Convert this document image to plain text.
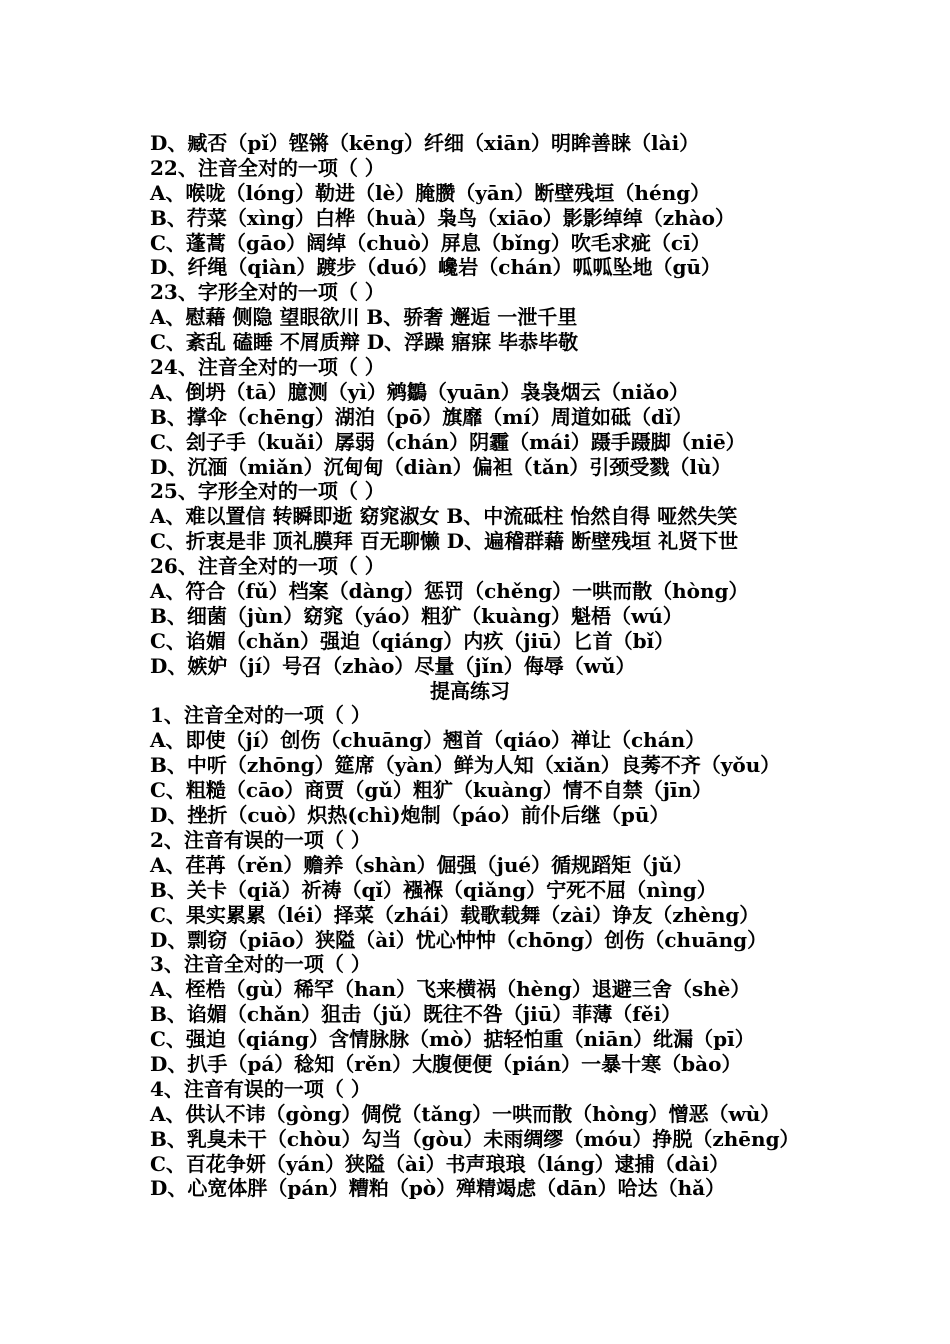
D、臧否（pǐ）铿锵（kēng）纤细（xiān）明眸善睐（lài）
22、注音全对的一项（ ）
A、喉咙（lóng）勒进（lè）腌臜（yān）断壁残垣（héng）
B、荇菜（xìng）白桦（huà）枭鸟（xiāo）影影绰绰（zhào）
C、蓬蒿（gāo）阔绰（chuò）屏息（bǐng）吹毛求疵（cī）
D、纤绳（qiàn）踱步（duó）巉岩（chán）呱呱坠地（gū）
23、字形全对的一项（ ）
A、慰藉 侧隐 望眼欲川 B、骄奢 邂逅 一泄千里
C、紊乱 磕睡 不屑质辩 D、浮躁 寤寐 毕恭毕敬
24、注音全对的一项（ ）
A、倒坍（tā）臆测（yì）鹓鶵（yuān）袅袅烟云（niǎo）
B、撑伞（chēng）湖泊（pō）旗靡（mí）周道如砥（dǐ）
C、刽子手（kuǎi）孱弱（chán）阴霾（mái）蹑手蹑脚（niē）
D、沉湎（miǎn）沉甸甸（diàn）偏袒（tǎn）引颈受戮（lù）
25、字形全对的一项（ ）
A、难以置信 转瞬即逝 窈窕淑女 B、中流砥柱 怡然自得 哑然失笑
C、折衷是非 顶礼膜拜 百无聊懒 D、遍稽群藉 断壁残垣 礼贤下世
26、注音全对的一项（ ）
A、符合（fǔ）档案（dàng）惩罚（chěng）一哄而散（hòng）
B、细菌（jùn）窈窕（yáo）粗犷（kuàng）魁梧（wú）
C、谄媚（chǎn）强迫（qiáng）内疚（jiū）匕首（bǐ）
D、嫉妒（jí）号召（zhào）尽量（jǐn）侮辱（wǔ）
提高练习
1、注音全对的一项（ ）
A、即使（jí）创伤（chuāng）翘首（qiáo）禅让（chán）
B、中听（zhōng）筵席（yàn）鲜为人知（xiǎn）良莠不齐（yǒu）
C、粗糙（cāo）商贾（gǔ）粗犷（kuàng）情不自禁（jīn）
D、挫折（cuò）炽热(chì)炮制（páo）前仆后继（pū）
2、注音有误的一项（ ）
A、荏苒（rěn）赡养（shàn）倔强（jué）循规蹈矩（jǔ）
B、关卡（qiǎ）祈祷（qǐ）襁褓（qiǎng）宁死不屈（nìng）
C、果实累累（léi）择菜（zhái）载歌载舞（zài）诤友（zhèng）
D、剽窃（piāo）狭隘（ài）忧心忡忡（chōng）创伤（chuāng）
3、注音全对的一项（ ）
A、桎梏（gù）稀罕（han）飞来横祸（hèng）退避三舍（shè）
B、谄媚（chǎn）狙击（jǔ）既往不咎（jiū）菲薄（fěi）
C、强迫（qiáng）含情脉脉（mò）掂轻怕重（niān）纰漏（pī）
D、扒手（pá）稔知（rěn）大腹便便（pián）一暴十寒（bào）
4、注音有误的一项（ ）
A、供认不讳（gòng）倜傥（tǎng）一哄而散（hòng）憎恶（wù）
B、乳臭未干（chòu）勾当（gòu）未雨绸缪（móu）挣脱（zhēng）
C、百花争妍（yán）狭隘（ài）书声琅琅（láng）逮捕（dài）
D、心宽体胖（pán）糟粕（pò）殚精竭虑（dān）哈达（hǎ）
